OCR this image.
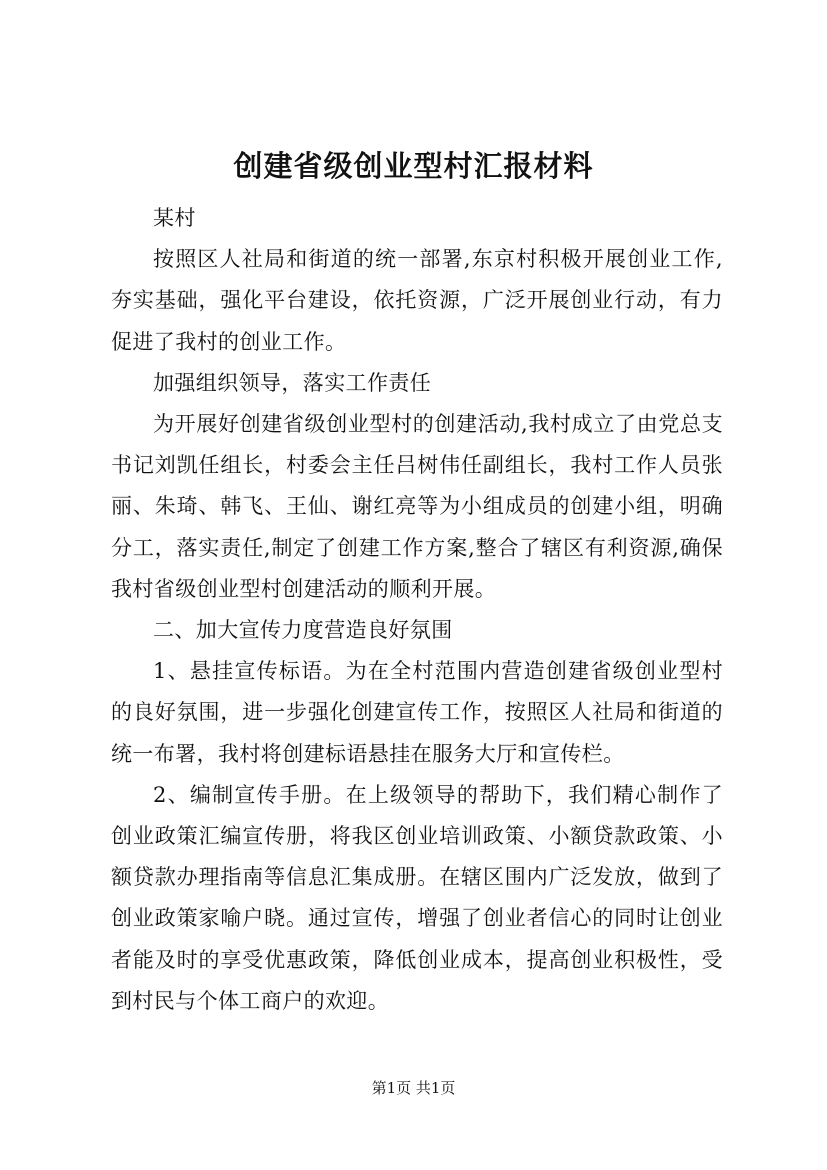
创建省级创业型村汇报材料

某村

按照区人社局和街道的统一部署,东京村积极开展创业工作,夯实基础，强化平台建设，依托资源，广泛开展创业行动，有力促进了我村的创业工作。

加强组织领导，落实工作责任

为开展好创建省级创业型村的创建活动,我村成立了由党总支书记刘凯任组长，村委会主任吕树伟任副组长，我村工作人员张丽、朱琦、韩飞、王仙、谢红亮等为小组成员的创建小组，明确分工，落实责任,制定了创建工作方案,整合了辖区有利资源,确保我村省级创业型村创建活动的顺利开展。

二、加大宣传力度营造良好氛围

1、悬挂宣传标语。为在全村范围内营造创建省级创业型村的良好氛围，进一步强化创建宣传工作，按照区人社局和街道的统一布署，我村将创建标语悬挂在服务大厅和宣传栏。

2、编制宣传手册。在上级领导的帮助下，我们精心制作了创业政策汇编宣传册，将我区创业培训政策、小额贷款政策、小额贷款办理指南等信息汇集成册。在辖区围内广泛发放，做到了创业政策家喻户晓。通过宣传，增强了创业者信心的同时让创业者能及时的享受优惠政策，降低创业成本，提高创业积极性，受到村民与个体工商户的欢迎。

第1页 共1页
